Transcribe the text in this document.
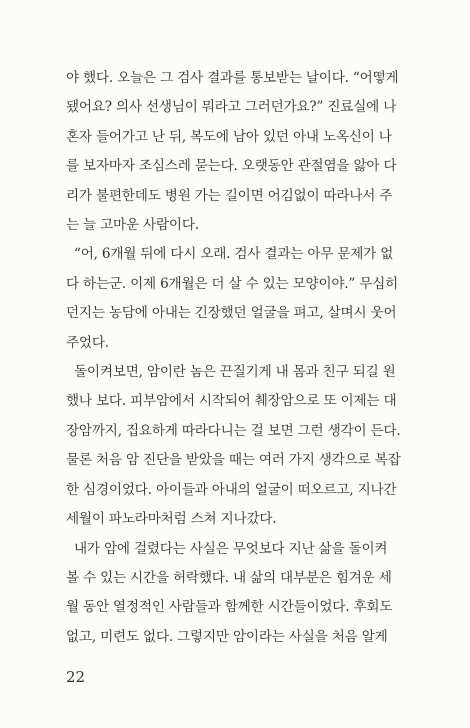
야 했다. 오늘은 그 검사 결과를 통보받는 날이다. “어떻게
됐어요? 의사 선생님이 뭐라고 그러던가요?” 진료실에 나
혼자 들어가고 난 뒤, 복도에 남아 있던 아내 노옥신이 나
를 보자마자 조심스레 묻는다. 오랫동안 관절염을 앓아 다
리가 불편한데도 병원 가는 길이면 어김없이 따라나서 주
는 늘 고마운 사람이다.
“어, 6개월 뒤에 다시 오래. 검사 결과는 아무 문제가 없
다 하는군. 이제 6개월은 더 살 수 있는 모양이야.” 무심히
던지는 농담에 아내는 긴장했던 얼굴을 펴고, 살며시 웃어
주었다.
돌이켜보면, 암이란 놈은 끈질기게 내 몸과 친구 되길 원
했나 보다. 피부암에서 시작되어 췌장암으로 또 이제는 대
장암까지, 집요하게 따라다니는 걸 보면 그런 생각이 든다.
물론 처음 암 진단을 받았을 때는 여러 가지 생각으로 복잡
한 심경이었다. 아이들과 아내의 얼굴이 떠오르고, 지나간
세월이 파노라마처럼 스쳐 지나갔다.
내가 암에 걸렸다는 사실은 무엇보다 지난 삶을 돌이켜
볼 수 있는 시간을 허락했다. 내 삶의 대부분은 힘겨운 세
월 동안 열정적인 사람들과 함께한 시간들이었다. 후회도
없고, 미련도 없다. 그렇지만 암이라는 사실을 처음 알게
22
